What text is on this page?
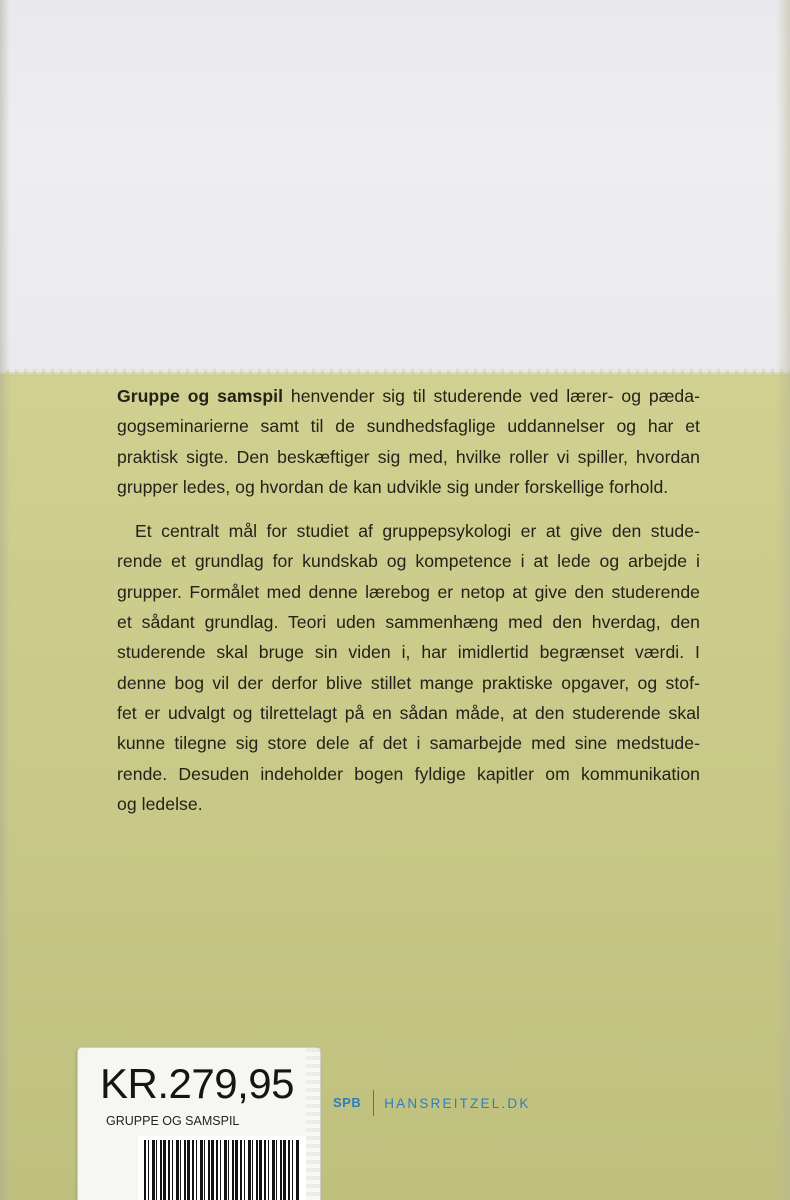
Gruppe og samspil henvender sig til studerende ved lærer- og pæda-
gogseminarierne samt til de sundhedsfaglige uddannelser og har et
praktisk sigte. Den beskæftiger sig med, hvilke roller vi spiller, hvordan
grupper ledes, og hvordan de kan udvikle sig under forskellige forhold.

Et centralt mål for studiet af gruppepsykologi er at give den stude-
rende et grundlag for kundskab og kompetence i at lede og arbejde i
grupper. Formålet med denne lærebog er netop at give den studerende
et sådant grundlag. Teori uden sammenhæng med den hverdag, den
studerende skal bruge sin viden i, har imidlertid begrænset værdi. I
denne bog vil der derfor blive stillet mange praktiske opgaver, og stof-
fet er udvalgt og tilrettelagt på en sådan måde, at den studerende skal
kunne tilegne sig store dele af det i samarbejde med sine medstude-
rende. Desuden indeholder bogen fyldige kapitler om kommunikation
og ledelse.

SPB	HANSREITZEL.DK
KR.279,95
GRUPPE OG SAMSPIL
